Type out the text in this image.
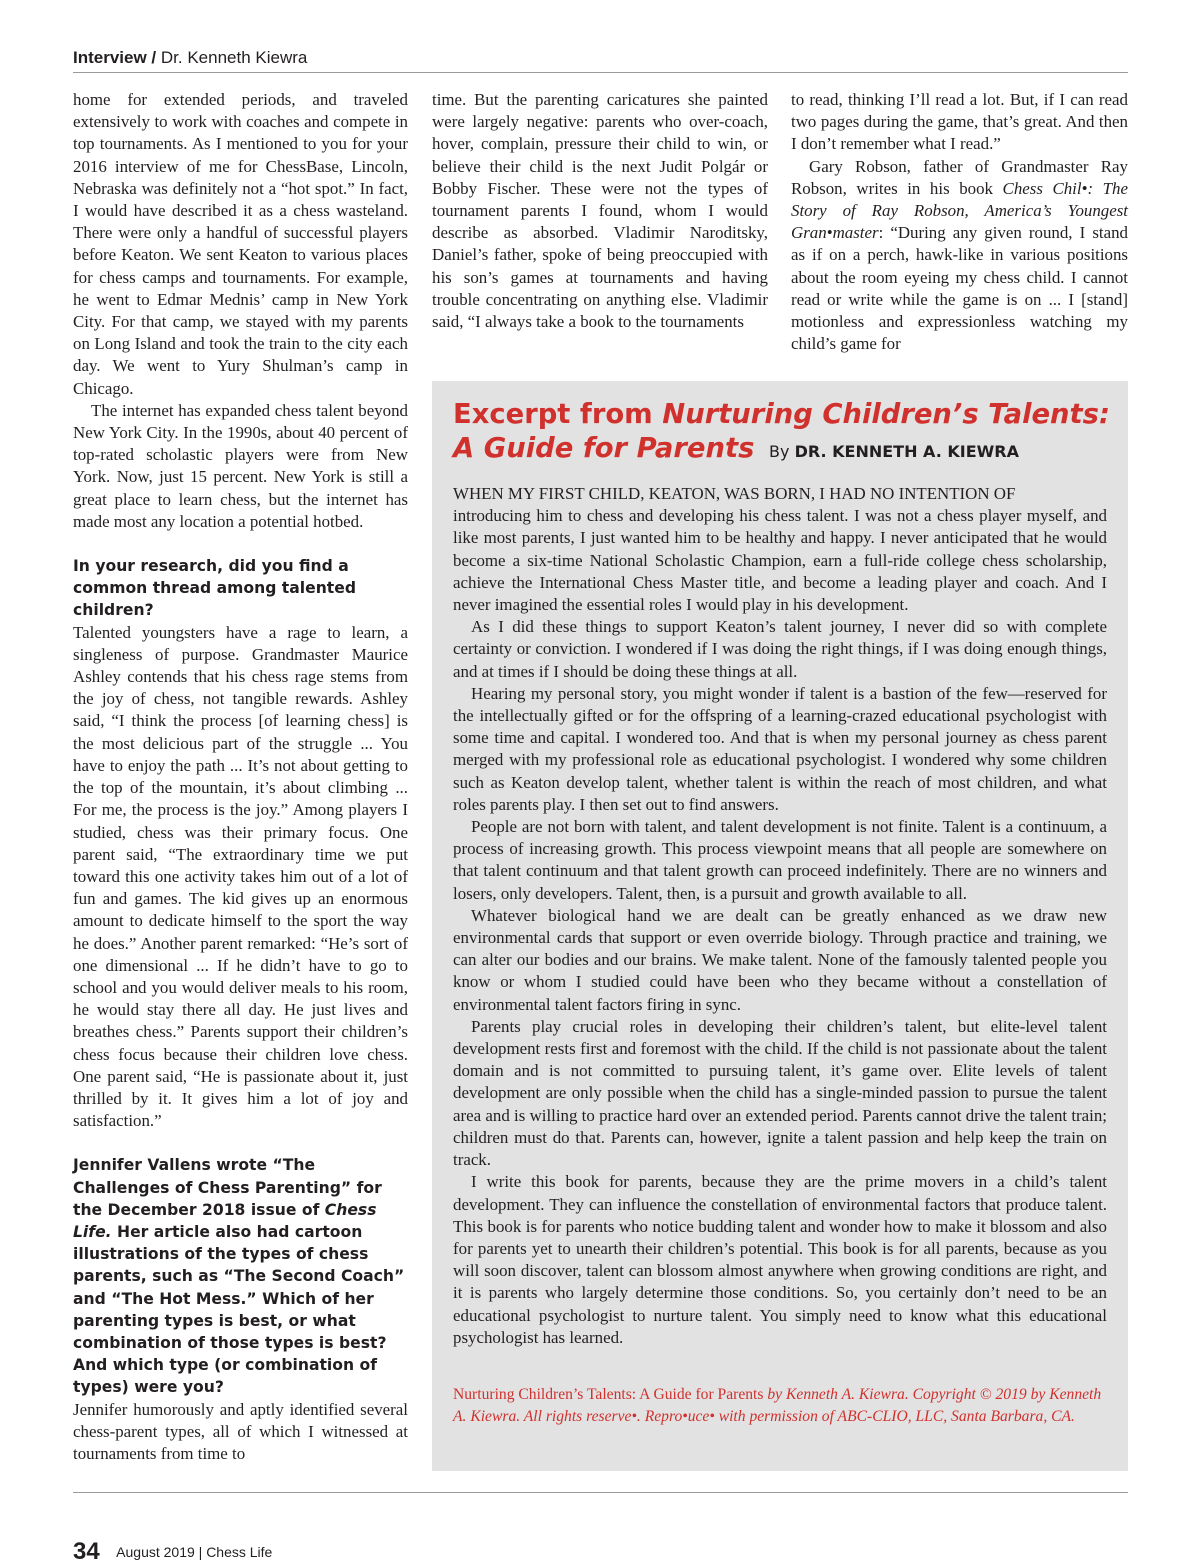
Interview / Dr. Kenneth Kiewra

home for extended periods, and traveled extensively to work with coaches and compete in top tournaments. As I mentioned to you for your 2016 interview of me for ChessBase, Lincoln, Nebraska was definitely not a “hot spot.” In fact, I would have described it as a chess wasteland. There were only a handful of successful players before Keaton. We sent Keaton to various places for chess camps and tournaments. For example, he went to Edmar Mednis’ camp in New York City. For that camp, we stayed with my parents on Long Island and took the train to the city each day. We went to Yury Shulman’s camp in Chicago.

The internet has expanded chess talent beyond New York City. In the 1990s, about 40 percent of top-rated scholastic players were from New York. Now, just 15 percent. New York is still a great place to learn chess, but the internet has made most any location a potential hotbed.

In your research, did you find a common thread among talented children?

Talented youngsters have a rage to learn, a singleness of purpose. Grandmaster Maurice Ashley contends that his chess rage stems from the joy of chess, not tangible rewards. Ashley said, “I think the process [of learning chess] is the most delicious part of the struggle ... You have to enjoy the path ... It’s not about getting to the top of the mountain, it’s about climbing ... For me, the process is the joy.” Among players I studied, chess was their primary focus. One parent said, “The extraordinary time we put toward this one activity takes him out of a lot of fun and games. The kid gives up an enormous amount to dedicate himself to the sport the way he does.” Another parent remarked: “He’s sort of one dimensional ... If he didn’t have to go to school and you would deliver meals to his room, he would stay there all day. He just lives and breathes chess.” Parents support their children’s chess focus because their children love chess. One parent said, “He is passionate about it, just thrilled by it. It gives him a lot of joy and satisfaction.”

Jennifer Vallens wrote “The Challenges of Chess Parenting” for the December 2018 issue of Chess Life. Her article also had cartoon illustrations of the types of chess parents, such as “The Second Coach” and “The Hot Mess.” Which of her parenting types is best, or what combination of those types is best? And which type (or combination of types) were you?

Jennifer humorously and aptly identified several chess-parent types, all of which I witnessed at tournaments from time to

time. But the parenting caricatures she painted were largely negative: parents who over-coach, hover, complain, pressure their child to win, or believe their child is the next Judit Polgár or Bobby Fischer. These were not the types of tournament parents I found, whom I would describe as absorbed. Vladimir Naroditsky, Daniel’s father, spoke of being preoccupied with his son’s games at tournaments and having trouble concentrating on anything else. Vladimir said, “I always take a book to the tournaments

to read, thinking I’ll read a lot. But, if I can read two pages during the game, that’s great. And then I don’t remember what I read.”

Gary Robson, father of Grandmaster Ray Robson, writes in his book Chess Chil•: The Story of Ray Robson, America’s Youngest Gran•master: “During any given round, I stand as if on a perch, hawk-like in various positions about the room eyeing my chess child. I cannot read or write while the game is on ... I [stand] motionless and expressionless watching my child’s game for

Excerpt from Nurturing Children’s Talents: A Guide for Parents By DR. KENNETH A. KIEWRA

WHEN MY FIRST CHILD, KEATON, WAS BORN, I HAD NO INTENTION OF

introducing him to chess and developing his chess talent. I was not a chess player myself, and like most parents, I just wanted him to be healthy and happy. I never anticipated that he would become a six-time National Scholastic Champion, earn a full-ride college chess scholarship, achieve the International Chess Master title, and become a leading player and coach. And I never imagined the essential roles I would play in his development.

As I did these things to support Keaton’s talent journey, I never did so with complete certainty or conviction. I wondered if I was doing the right things, if I was doing enough things, and at times if I should be doing these things at all.

Hearing my personal story, you might wonder if talent is a bastion of the few—reserved for the intellectually gifted or for the offspring of a learning-crazed educational psychologist with some time and capital. I wondered too. And that is when my personal journey as chess parent merged with my professional role as educational psychologist. I wondered why some children such as Keaton develop talent, whether talent is within the reach of most children, and what roles parents play. I then set out to find answers.

People are not born with talent, and talent development is not finite. Talent is a continuum, a process of increasing growth. This process viewpoint means that all people are somewhere on that talent continuum and that talent growth can proceed indefinitely. There are no winners and losers, only developers. Talent, then, is a pursuit and growth available to all.

Whatever biological hand we are dealt can be greatly enhanced as we draw new environmental cards that support or even override biology. Through practice and training, we can alter our bodies and our brains. We make talent. None of the famously talented people you know or whom I studied could have been who they became without a constellation of environmental talent factors firing in sync.

Parents play crucial roles in developing their children’s talent, but elite-level talent development rests first and foremost with the child. If the child is not passionate about the talent domain and is not committed to pursuing talent, it’s game over. Elite levels of talent development are only possible when the child has a single-minded passion to pursue the talent area and is willing to practice hard over an extended period. Parents cannot drive the talent train; children must do that. Parents can, however, ignite a talent passion and help keep the train on track.

I write this book for parents, because they are the prime movers in a child’s talent development. They can influence the constellation of environmental factors that produce talent. This book is for parents who notice budding talent and wonder how to make it blossom and also for parents yet to unearth their children’s potential. This book is for all parents, because as you will soon discover, talent can blossom almost anywhere when growing conditions are right, and it is parents who largely determine those conditions. So, you certainly don’t need to be an educational psychologist to nurture talent. You simply need to know what this educational psychologist has learned.

Nurturing Children’s Talents: A Guide for Parents by Kenneth A. Kiewra. Copyright © 2019 by Kenneth A. Kiewra. All rights reserve•. Repro•uce• with permission of ABC-CLIO, LLC, Santa Barbara, CA.
34 August 2019 | Chess Life
